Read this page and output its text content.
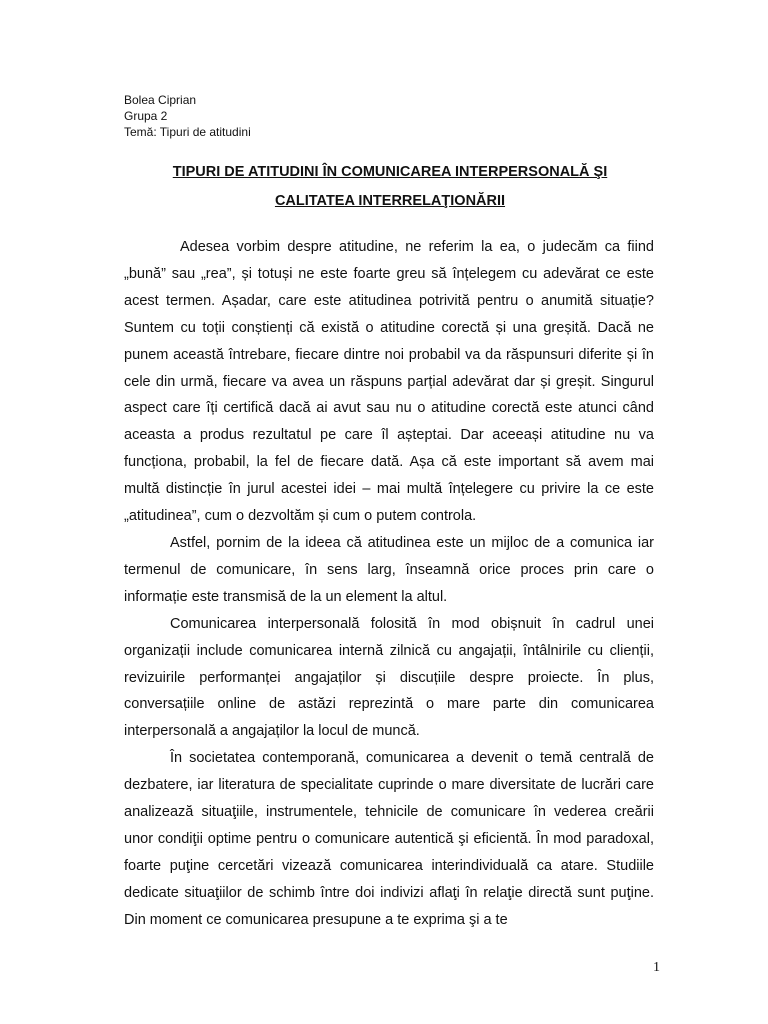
Bolea Ciprian
Grupa 2
Temă: Tipuri de atitudini
TIPURI DE ATITUDINI ÎN COMUNICAREA INTERPERSONALĂ ŞI
CALITATEA INTERRELAŢIONĂRII

Adesea vorbim despre atitudine, ne referim la ea, o judecăm ca fiind „bună” sau „rea”, și totuși ne este foarte greu să înțelegem cu adevărat ce este acest termen. Așadar, care este atitudinea potrivită pentru o anumită situație? Suntem cu toții conștienți că există o atitudine corectă și una greșită. Dacă ne punem această întrebare, fiecare dintre noi probabil va da răspunsuri diferite și în cele din urmă, fiecare va avea un răspuns parțial adevărat dar și greșit. Singurul aspect care îți certifică dacă ai avut sau nu o atitudine corectă este atunci când aceasta a produs rezultatul pe care îl așteptai. Dar aceeași atitudine nu va funcționa, probabil, la fel de fiecare dată. Așa că este important să avem mai multă distincție în jurul acestei idei – mai multă înțelegere cu privire la ce este „atitudinea”, cum o dezvoltăm și cum o putem controla.

Astfel, pornim de la ideea că atitudinea este un mijloc de a comunica iar termenul de comunicare, în sens larg, înseamnă orice proces prin care o informație este transmisă de la un element la altul.

Comunicarea interpersonală folosită în mod obișnuit în cadrul unei organizații include comunicarea internă zilnică cu angajații, întâlnirile cu clienții, revizuirile performanței angajaților și discuțiile despre proiecte. În plus, conversațiile online de astăzi reprezintă o mare parte din comunicarea interpersonală a angajaților la locul de muncă.

În societatea contemporană, comunicarea a devenit o temă centrală de dezbatere, iar literatura de specialitate cuprinde o mare diversitate de lucrări care analizează situaţiile, instrumentele, tehnicile de comunicare în vederea creării unor condiţii optime pentru o comunicare autentică şi eficientă. În mod paradoxal, foarte puţine cercetări vizează comunicarea interindividuală ca atare. Studiile dedicate situaţiilor de schimb între doi indivizi aflaţi în relaţie directă sunt puţine. Din moment ce comunicarea presupune a te exprima şi a te

1
